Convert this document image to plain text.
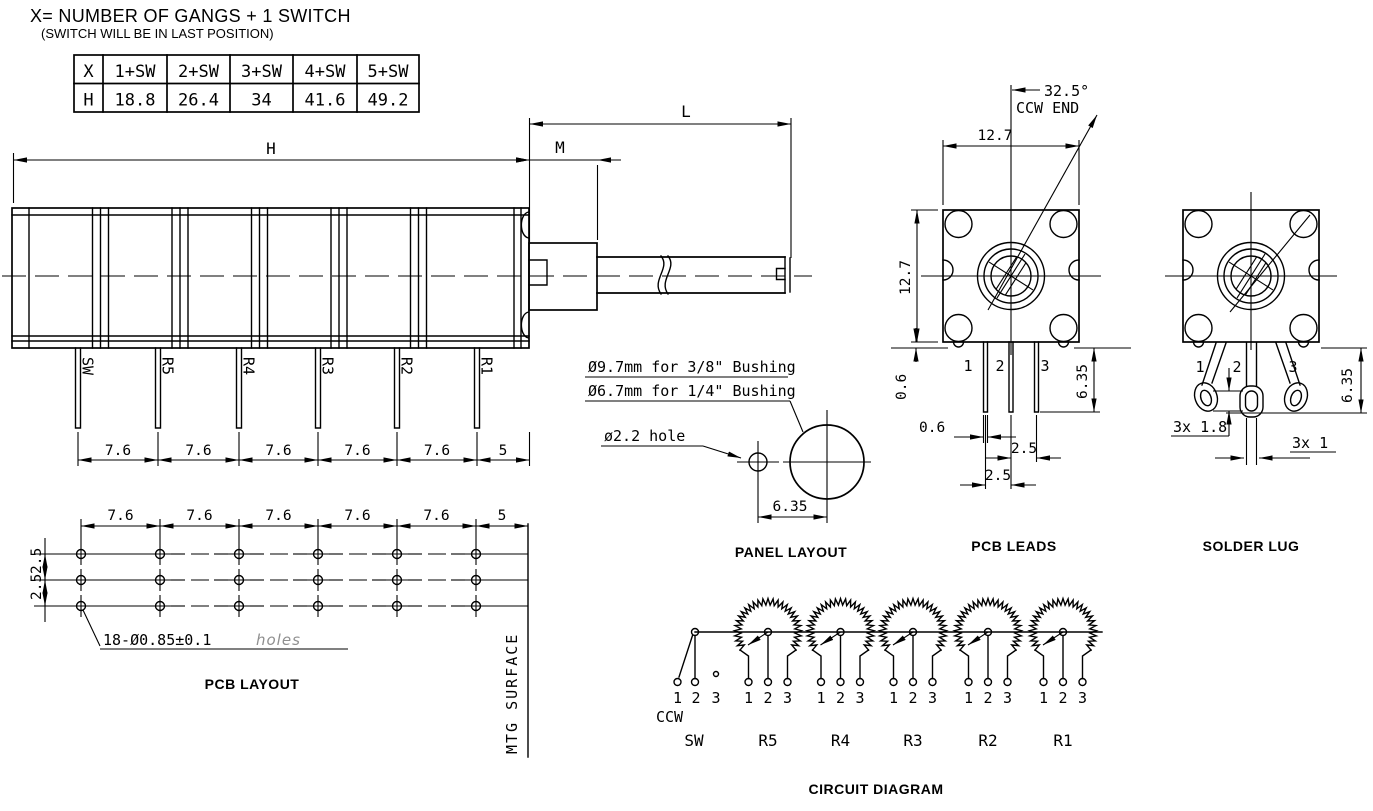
X= NUMBER OF GANGS + 1 SWITCH
(SWITCH WILL BE IN LAST POSITION)
X 1+SW 2+SW 3+SW 4+SW 5+SW
H 18.8 26.4 34 41.6 49.2
H	M
L
SW	R5	R4	R3	R2	R1
7.6	7.6	7.6	7.6	7.6	5
7.6	7.6	7.6	7.6	7.6	5
2.5
2.5
18-Ø0.85±0.1	holes	MTG SURFACE
PCB LAYOUT
Ø9.7mm for 3/8" Bushing
Ø6.7mm for 1/4" Bushing
ø2.2 hole
6.35
PANEL LAYOUT
32.5°
CCW END
12.7
12.7
0.6
1 2 3 6.35
0.6
2.5
2.5
PCB LEADS
1 2	3
6.35
3x 1.8
3x 1
SOLDER LUG
1 2 3
CCW
SW
1 2 3 1 2 3 1 2 3 1 2 3 1 2 3
R5	R4	R3	R2	R1
CIRCUIT DIAGRAM
